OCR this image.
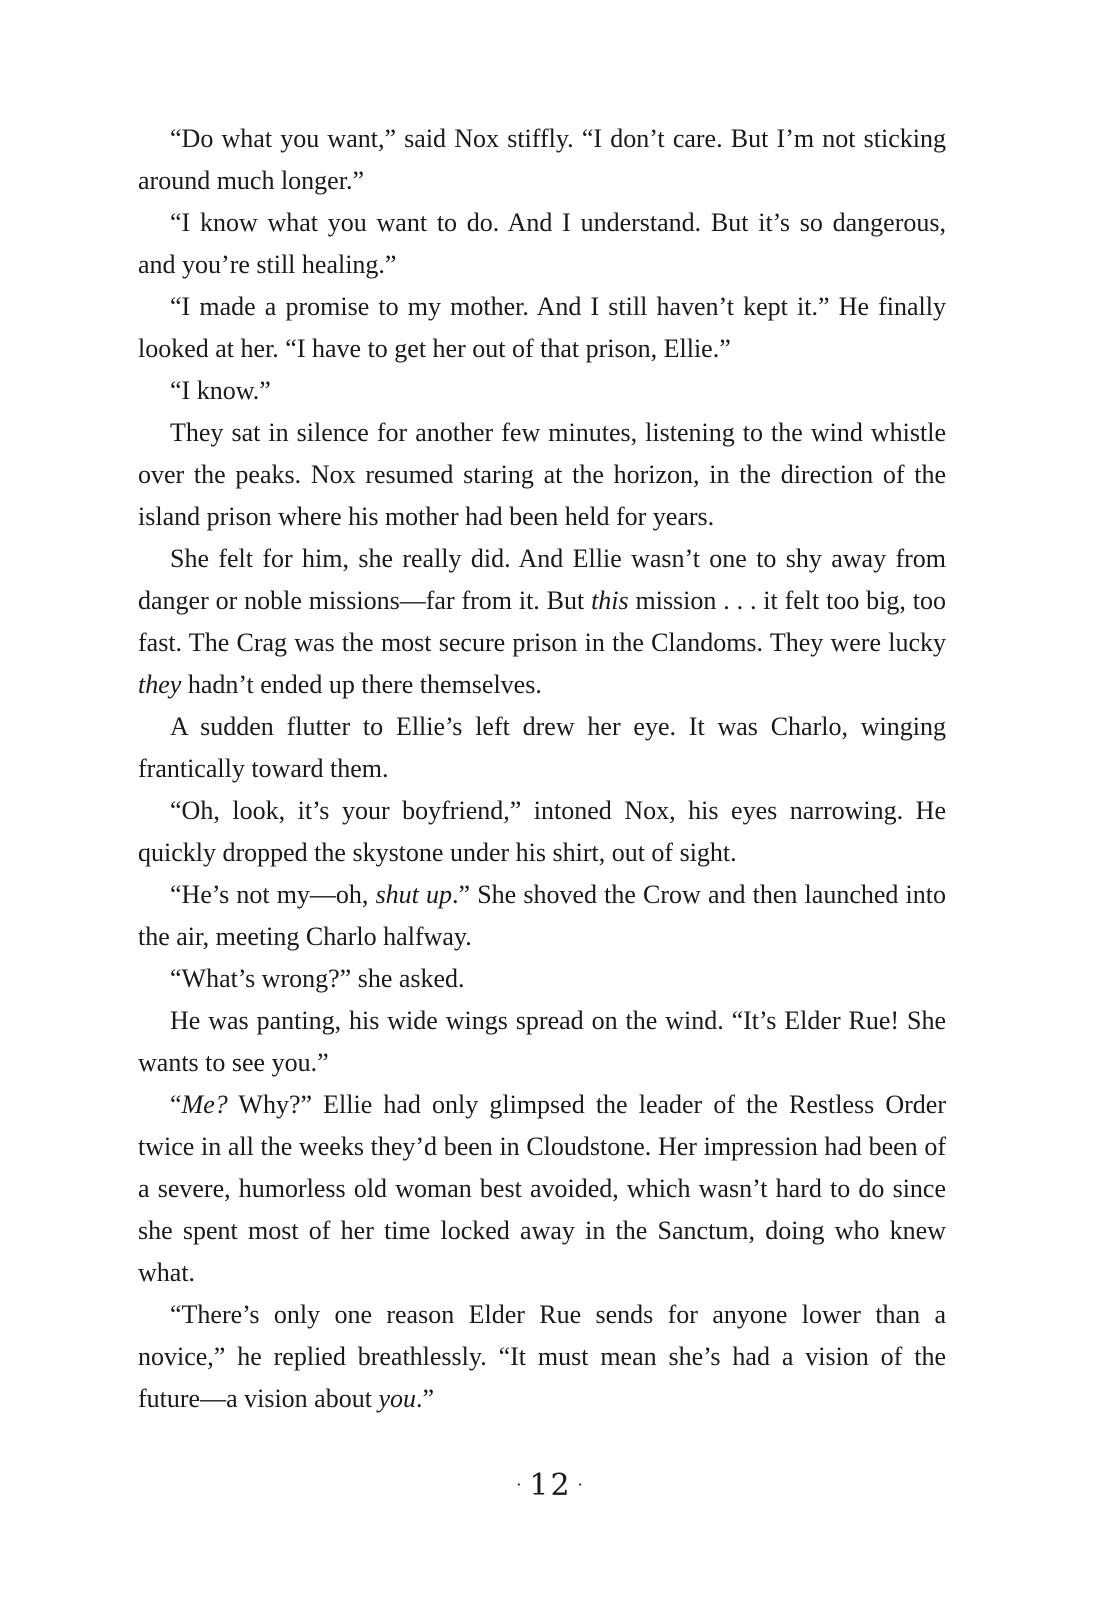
“Do what you want,” said Nox stiffly. “I don’t care. But I’m not sticking around much longer.”

“I know what you want to do. And I understand. But it’s so dangerous, and you’re still healing.”

“I made a promise to my mother. And I still haven’t kept it.” He finally looked at her. “I have to get her out of that prison, Ellie.”

“I know.”

They sat in silence for another few minutes, listening to the wind whistle over the peaks. Nox resumed staring at the horizon, in the direction of the island prison where his mother had been held for years.

She felt for him, she really did. And Ellie wasn’t one to shy away from danger or noble missions—far from it. But this mission . . . it felt too big, too fast. The Crag was the most secure prison in the Clandoms. They were lucky they hadn’t ended up there themselves.

A sudden flutter to Ellie’s left drew her eye. It was Charlo, winging frantically toward them.

“Oh, look, it’s your boyfriend,” intoned Nox, his eyes narrowing. He quickly dropped the skystone under his shirt, out of sight.

“He’s not my—oh, shut up.” She shoved the Crow and then launched into the air, meeting Charlo halfway.

“What’s wrong?” she asked.

He was panting, his wide wings spread on the wind. “It’s Elder Rue! She wants to see you.”

“Me? Why?” Ellie had only glimpsed the leader of the Restless Order twice in all the weeks they’d been in Cloudstone. Her impression had been of a severe, humorless old woman best avoided, which wasn’t hard to do since she spent most of her time locked away in the Sanctum, doing who knew what.

“There’s only one reason Elder Rue sends for anyone lower than a novice,” he replied breathlessly. “It must mean she’s had a vision of the future—a vision about you.”

· 12 ·
